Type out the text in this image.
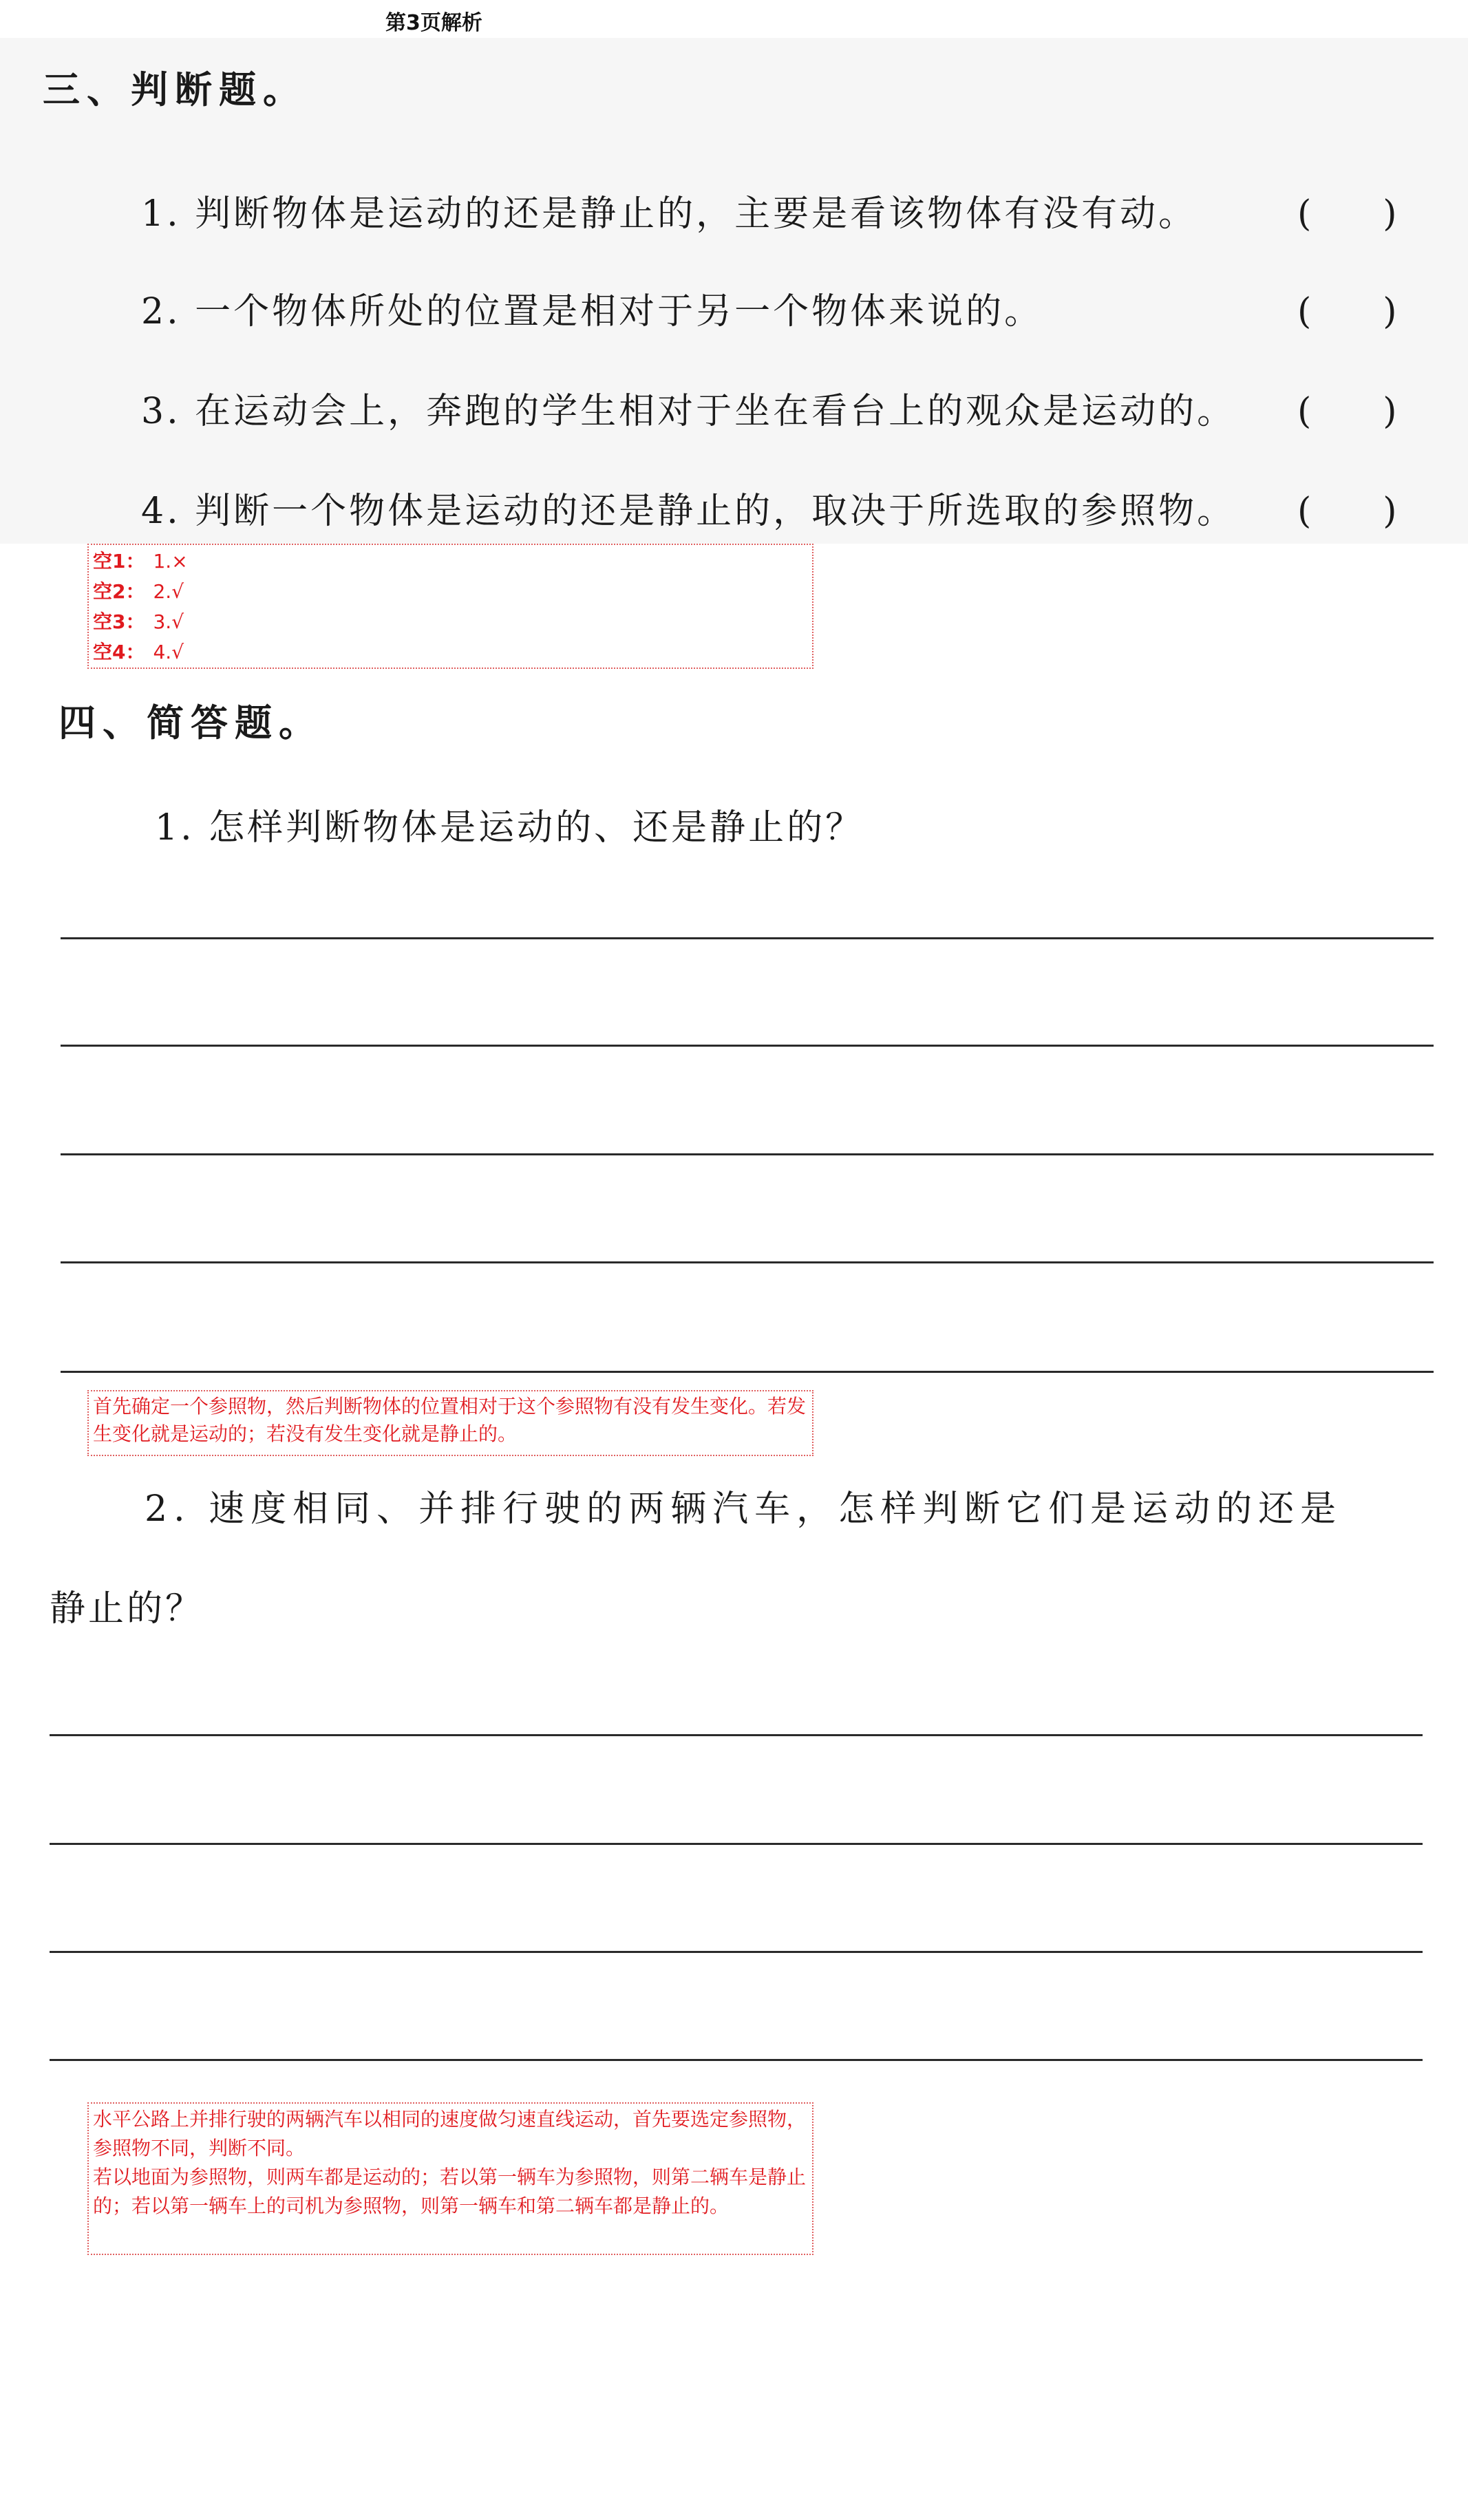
第3页解析
三、判断题。
1. 判断物体是运动的还是静止的，主要是看该物体有没有动。	(　　)
2. 一个物体所处的位置是相对于另一个物体来说的。	(　　)
3. 在运动会上，奔跑的学生相对于坐在看台上的观众是运动的。 (　　)
4. 判断一个物体是运动的还是静止的，取决于所选取的参照物。 (　　)
空1： 1.×
空2： 2.√
空3： 3.√
空4： 4.√
四、简答题。
1. 怎样判断物体是运动的、还是静止的？
首先确定一个参照物，然后判断物体的位置相对于这个参照物有没有发生变化。若发生变化就是运动的；若没有发生变化就是静止的。
2. 速度相同、并排行驶的两辆汽车，怎样判断它们是运动的还是
静止的？
水平公路上并排行驶的两辆汽车以相同的速度做匀速直线运动，首先要选定参照物，参照物不同，判断不同。
若以地面为参照物，则两车都是运动的；若以第一辆车为参照物，则第二辆车是静止的；若以第一辆车上的司机为参照物，则第一辆车和第二辆车都是静止的。
